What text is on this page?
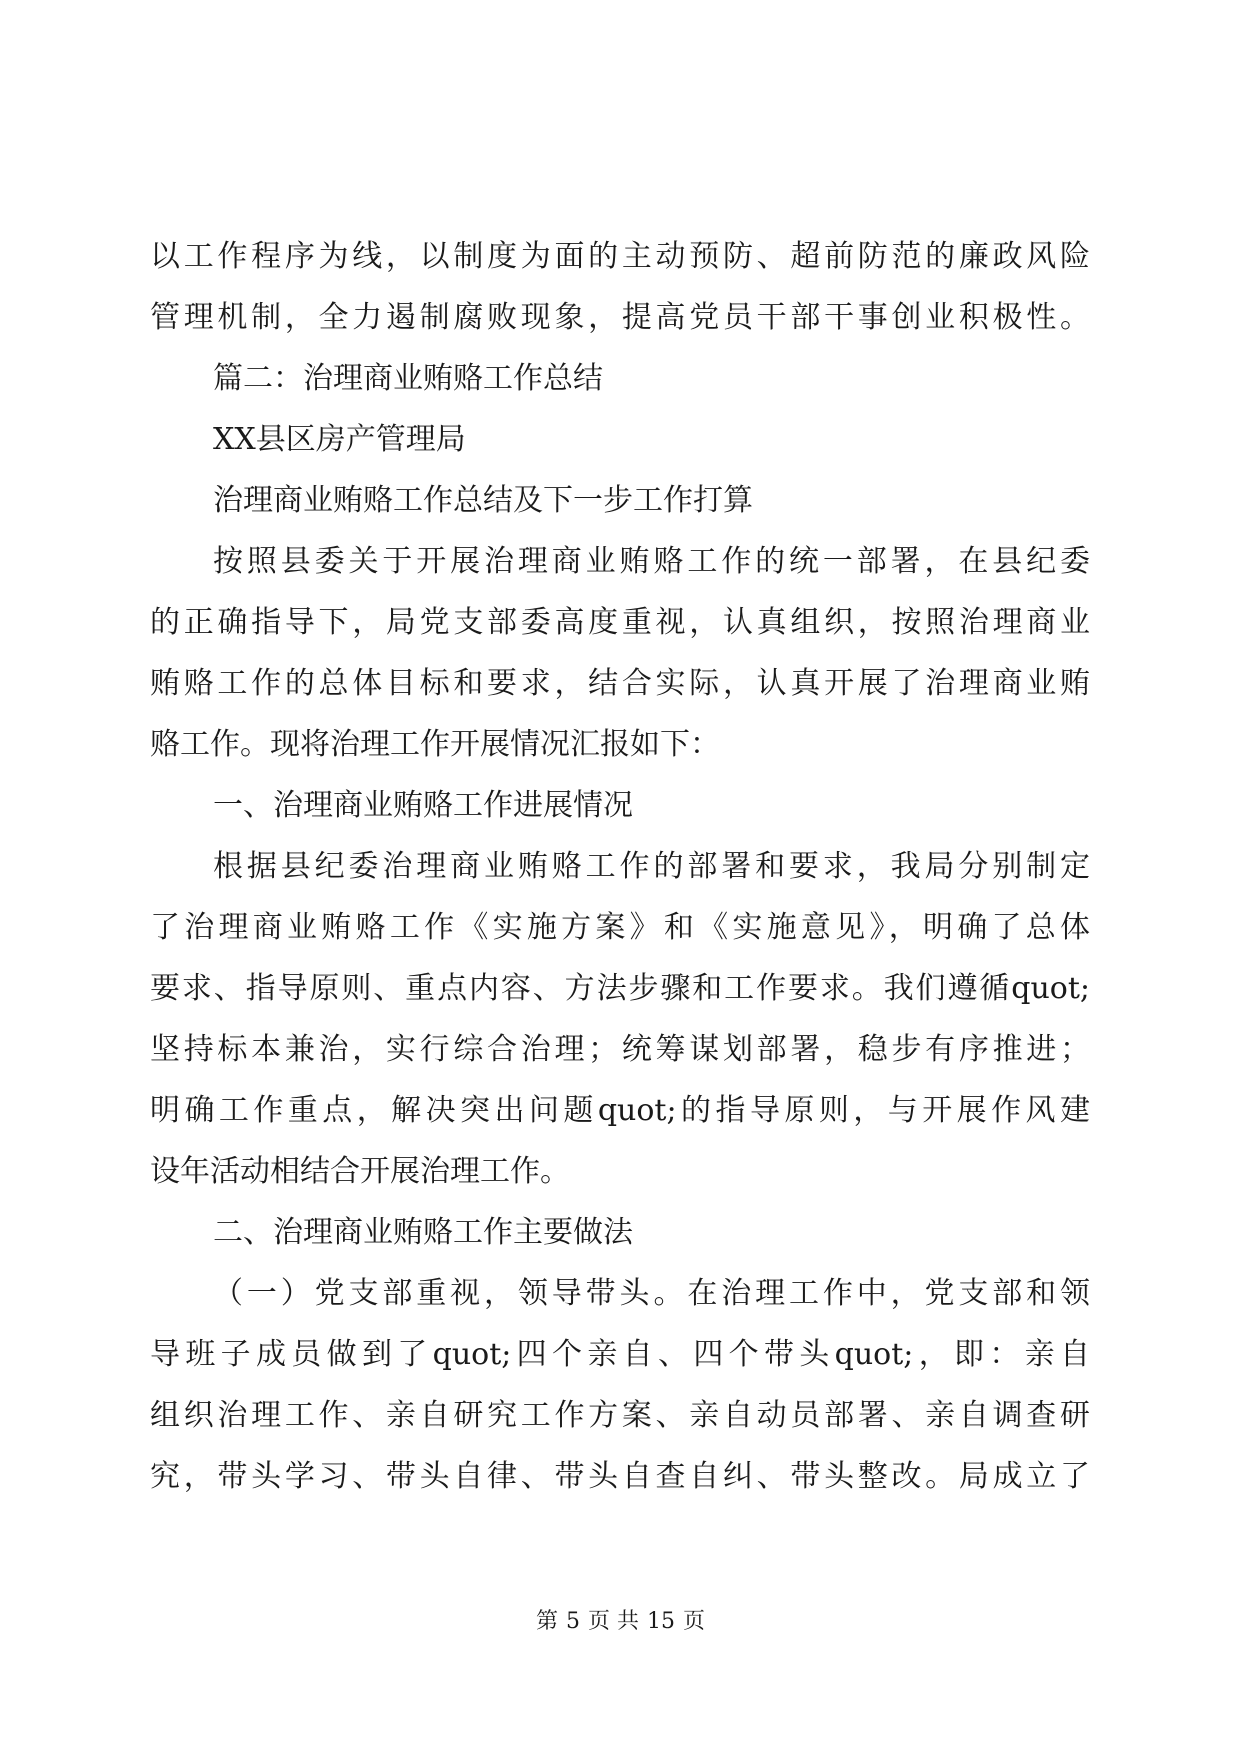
以工作程序为线，以制度为面的主动预防、超前防范的廉政风险
管理机制，全力遏制腐败现象，提高党员干部干事创业积极性。
篇二：治理商业贿赂工作总结
XX县区房产管理局
治理商业贿赂工作总结及下一步工作打算
按照县委关于开展治理商业贿赂工作的统一部署，在县纪委
的正确指导下，局党支部委高度重视，认真组织，按照治理商业
贿赂工作的总体目标和要求，结合实际，认真开展了治理商业贿
赂工作。现将治理工作开展情况汇报如下：
一、治理商业贿赂工作进展情况
根据县纪委治理商业贿赂工作的部署和要求，我局分别制定
了治理商业贿赂工作《实施方案》和《实施意见》，明确了总体
要求、指导原则、重点内容、方法步骤和工作要求。我们遵循quot;
坚持标本兼治，实行综合治理；统筹谋划部署，稳步有序推进；
明确工作重点，解决突出问题quot;的指导原则，与开展作风建
设年活动相结合开展治理工作。
二、治理商业贿赂工作主要做法
（一）党支部重视，领导带头。在治理工作中，党支部和领
导班子成员做到了quot;四个亲自、四个带头quot;，即：亲自
组织治理工作、亲自研究工作方案、亲自动员部署、亲自调查研
究，带头学习、带头自律、带头自查自纠、带头整改。局成立了
第 5 页 共 15 页
